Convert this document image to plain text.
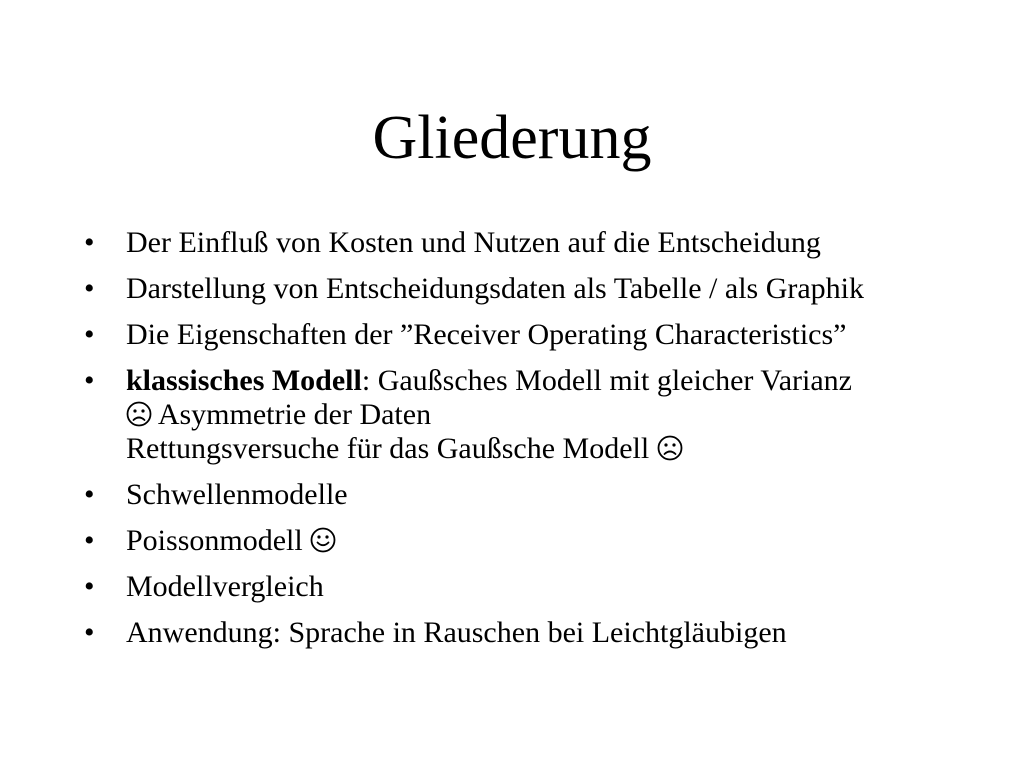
Gliederung
•	Der Einfluß von Kosten und Nutzen auf die Entscheidung
•	Darstellung von Entscheidungsdaten als Tabelle / als Graphik
•	Die Eigenschaften der ”Receiver Operating Characteristics”
•	klassisches Modell: Gaußsches Modell mit gleicher Varianz
Asymmetrie der Daten
Rettungsversuche für das Gaußsche Modell
•	Schwellenmodelle
•	Poissonmodell
•	Modellvergleich
•	Anwendung: Sprache in Rauschen bei Leichtgläubigen
